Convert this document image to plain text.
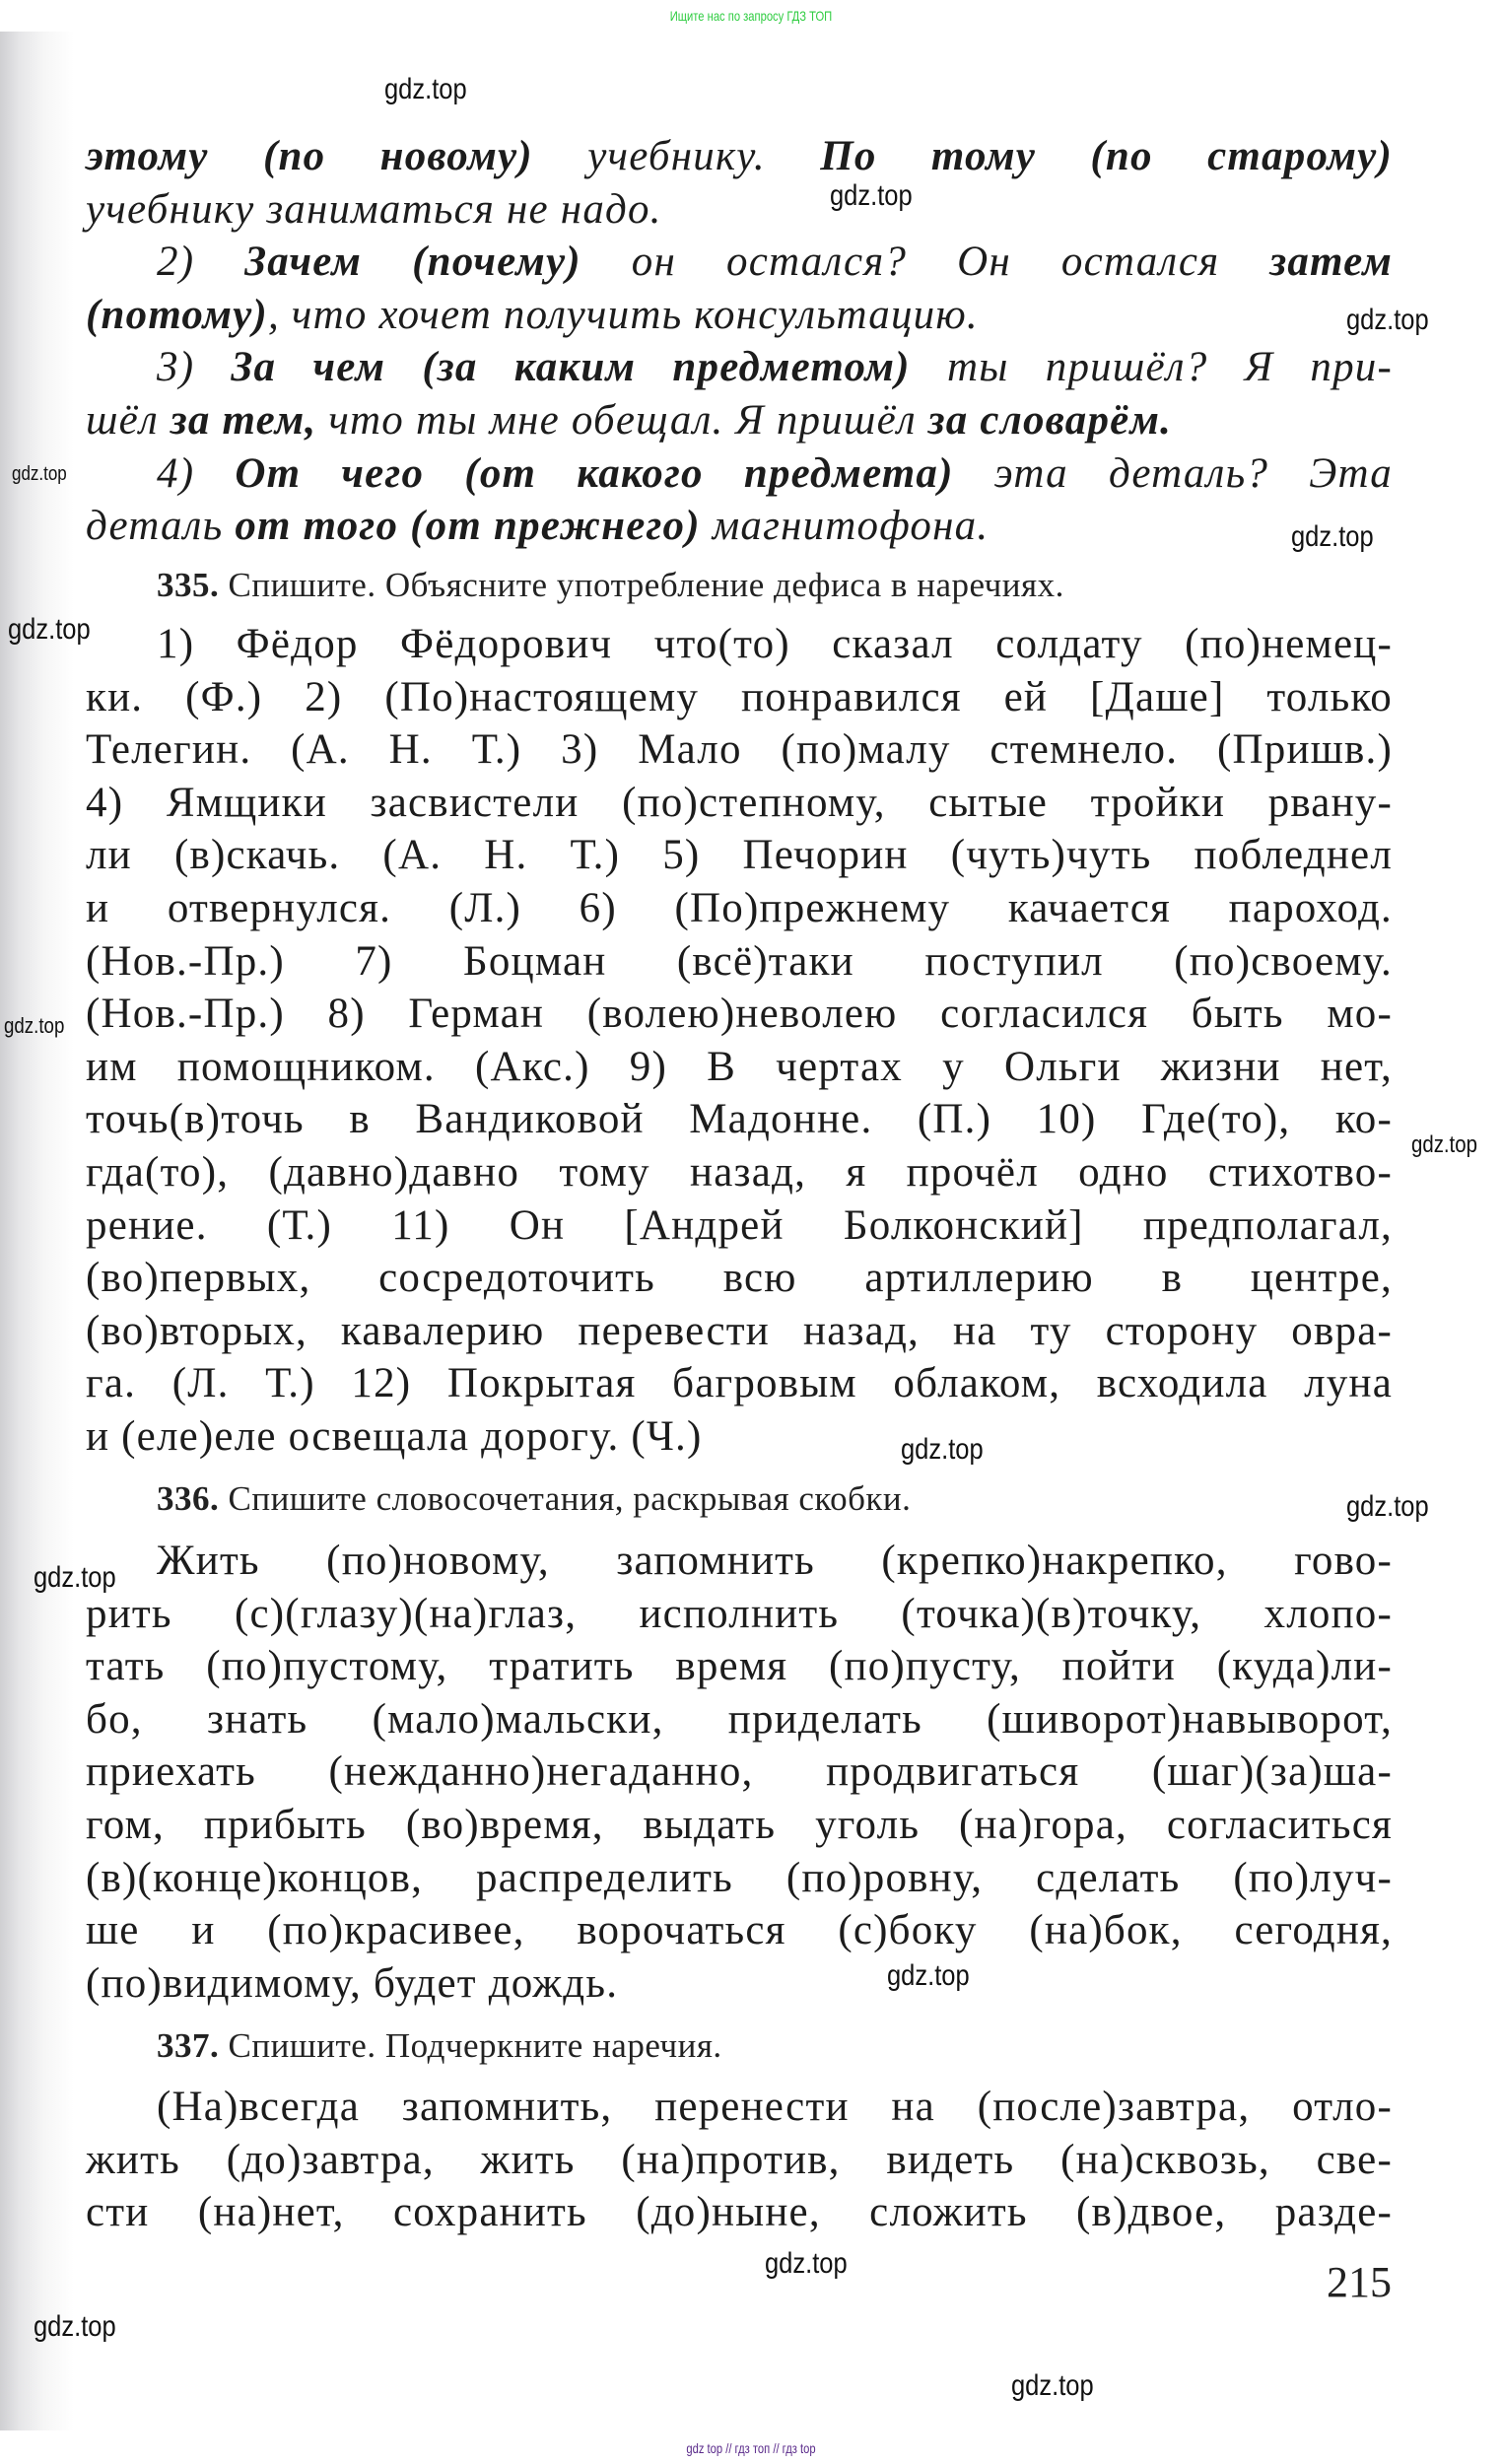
Ищите нас по запросу ГДЗ ТОП
этому (по новому) учебнику. По тому (по старому)
учебнику заниматься не надо.
2) Зачем (почему) он остался? Он остался затем
(потому), что хочет получить консультацию.
3) За чем (за каким предметом) ты пришёл? Я при-
шёл за тем, что ты мне обещал. Я пришёл за словарём.
4) От чего (от какого предмета) эта деталь? Эта
деталь от того (от прежнего) магнитофона.
335. Спишите. Объясните употребление дефиса в наречиях.
1) Фёдор Фёдорович что(то) сказал солдату (по)немец-
ки. (Ф.) 2) (По)настоящему понравился ей [Даше] только
Телегин. (А. Н. Т.) 3) Мало (по)малу стемнело. (Пришв.)
4) Ямщики засвистели (по)степному, сытые тройки рвану-
ли (в)скачь. (А. Н. Т.) 5) Печорин (чуть)чуть побледнел
и отвернулся. (Л.) 6) (По)прежнему качается пароход.
(Нов.-Пр.) 7) Боцман (всё)таки поступил (по)своему.
(Нов.-Пр.) 8) Герман (волею)неволею согласился быть мо-
им помощником. (Акс.) 9) В чертах у Ольги жизни нет,
точь(в)точь в Вандиковой Мадонне. (П.) 10) Где(то), ко-
гда(то), (давно)давно тому назад, я прочёл одно стихотво-
рение. (Т.) 11) Он [Андрей Болконский] предполагал,
(во)первых, сосредоточить всю артиллерию в центре,
(во)вторых, кавалерию перевести назад, на ту сторону овра-
га. (Л. Т.) 12) Покрытая багровым облаком, всходила луна
и (еле)еле освещала дорогу. (Ч.)
336. Спишите словосочетания, раскрывая скобки.
Жить (по)новому, запомнить (крепко)накрепко, гово-
рить (с)(глазу)(на)глаз, исполнить (точка)(в)точку, хлопо-
тать (по)пустому, тратить время (по)пусту, пойти (куда)ли-
бо, знать (мало)мальски, приделать (шиворот)навыворот,
приехать (нежданно)негаданно, продвигаться (шаг)(за)ша-
гом, прибыть (во)время, выдать уголь (на)гора, согласиться
(в)(конце)концов, распределить (по)ровну, сделать (по)луч-
ше и (по)красивее, ворочаться (с)боку (на)бок, сегодня,
(по)видимому, будет дождь.
337. Спишите. Подчеркните наречия.
(На)всегда запомнить, перенести на (после)завтра, отло-
жить (до)завтра, жить (на)против, видеть (на)сквозь, све-
сти (на)нет, сохранить (до)ныне, сложить (в)двое, разде-
215
gdz.top
gdz.top
gdz.top
gdz.top
gdz.top
gdz.top
gdz.top
gdz.top
gdz.top
gdz.top
gdz.top
gdz.top
gdz.top
gdz.top
gdz.top
gdz top // гдз топ // гдз top
